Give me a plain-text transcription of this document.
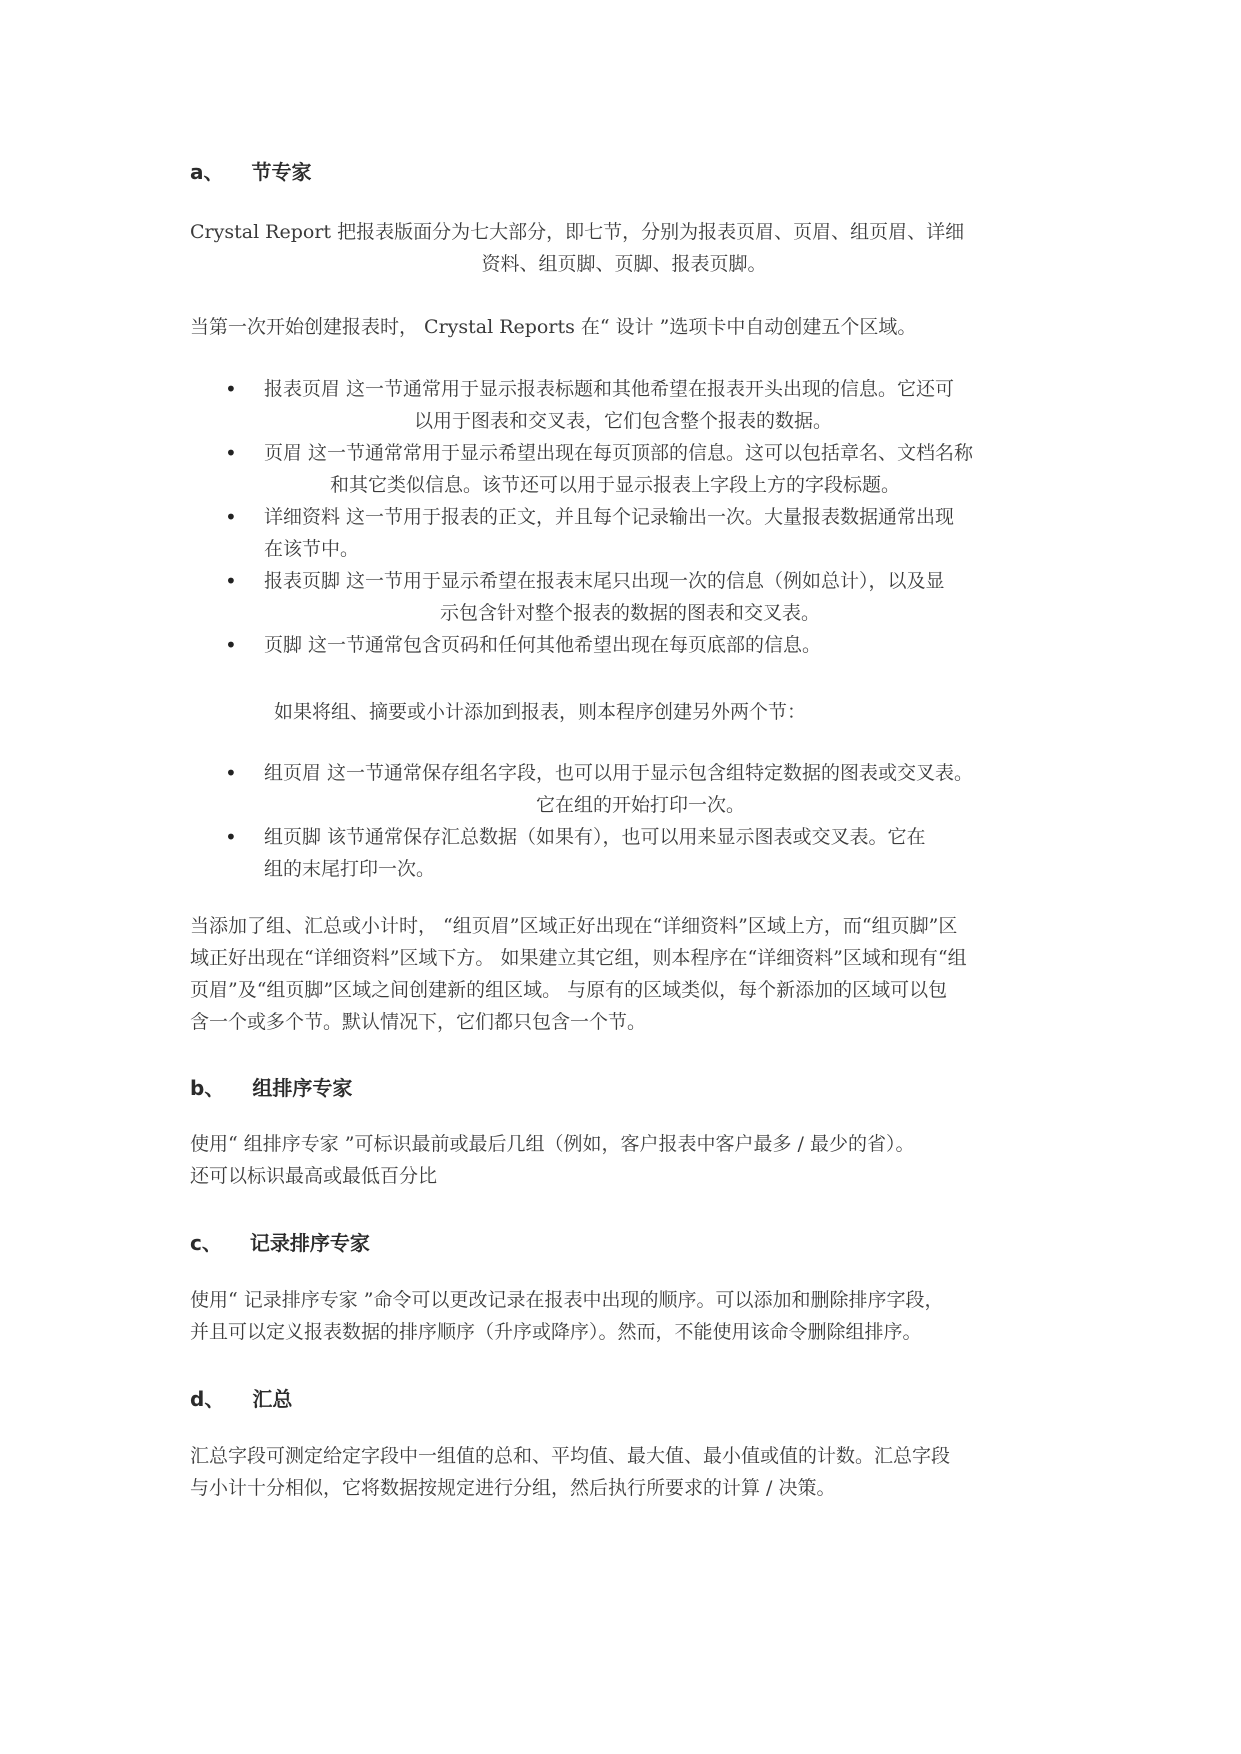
a、 节专家
Crystal Report 把报表版面分为七大部分，即七节，分别为报表页眉、页眉、组页眉、详细
资料、组页脚、页脚、报表页脚。
当第一次开始创建报表时， Crystal Reports 在“ 设计 ”选项卡中自动创建五个区域。
• 报表页眉 这一节通常用于显示报表标题和其他希望在报表开头出现的信息。它还可
以用于图表和交叉表，它们包含整个报表的数据。
• 页眉 这一节通常常用于显示希望出现在每页顶部的信息。这可以包括章名、文档名称
和其它类似信息。该节还可以用于显示报表上字段上方的字段标题。
• 详细资料 这一节用于报表的正文，并且每个记录输出一次。大量报表数据通常出现
在该节中。
• 报表页脚 这一节用于显示希望在报表末尾只出现一次的信息（例如总计），以及显
示包含针对整个报表的数据的图表和交叉表。
• 页脚 这一节通常包含页码和任何其他希望出现在每页底部的信息。
如果将组、摘要或小计添加到报表，则本程序创建另外两个节：
• 组页眉 这一节通常保存组名字段，也可以用于显示包含组特定数据的图表或交叉表。
它在组的开始打印一次。
• 组页脚 该节通常保存汇总数据（如果有），也可以用来显示图表或交叉表。它在
组的末尾打印一次。
当添加了组、汇总或小计时， “组页眉”区域正好出现在“详细资料”区域上方，而“组页脚”区
域正好出现在“详细资料”区域下方。 如果建立其它组，则本程序在“详细资料”区域和现有“组
页眉”及“组页脚”区域之间创建新的组区域。 与原有的区域类似，每个新添加的区域可以包
含一个或多个节。默认情况下，它们都只包含一个节。
b、 组排序专家
使用“ 组排序专家 ”可标识最前或最后几组（例如，客户报表中客户最多 / 最少的省）。
还可以标识最高或最低百分比
c、 记录排序专家
使用“ 记录排序专家 ”命令可以更改记录在报表中出现的顺序。可以添加和删除排序字段，
并且可以定义报表数据的排序顺序（升序或降序）。然而，不能使用该命令删除组排序。
d、 汇总
汇总字段可测定给定字段中一组值的总和、平均值、最大值、最小值或值的计数。汇总字段
与小计十分相似，它将数据按规定进行分组，然后执行所要求的计算 / 决策。
